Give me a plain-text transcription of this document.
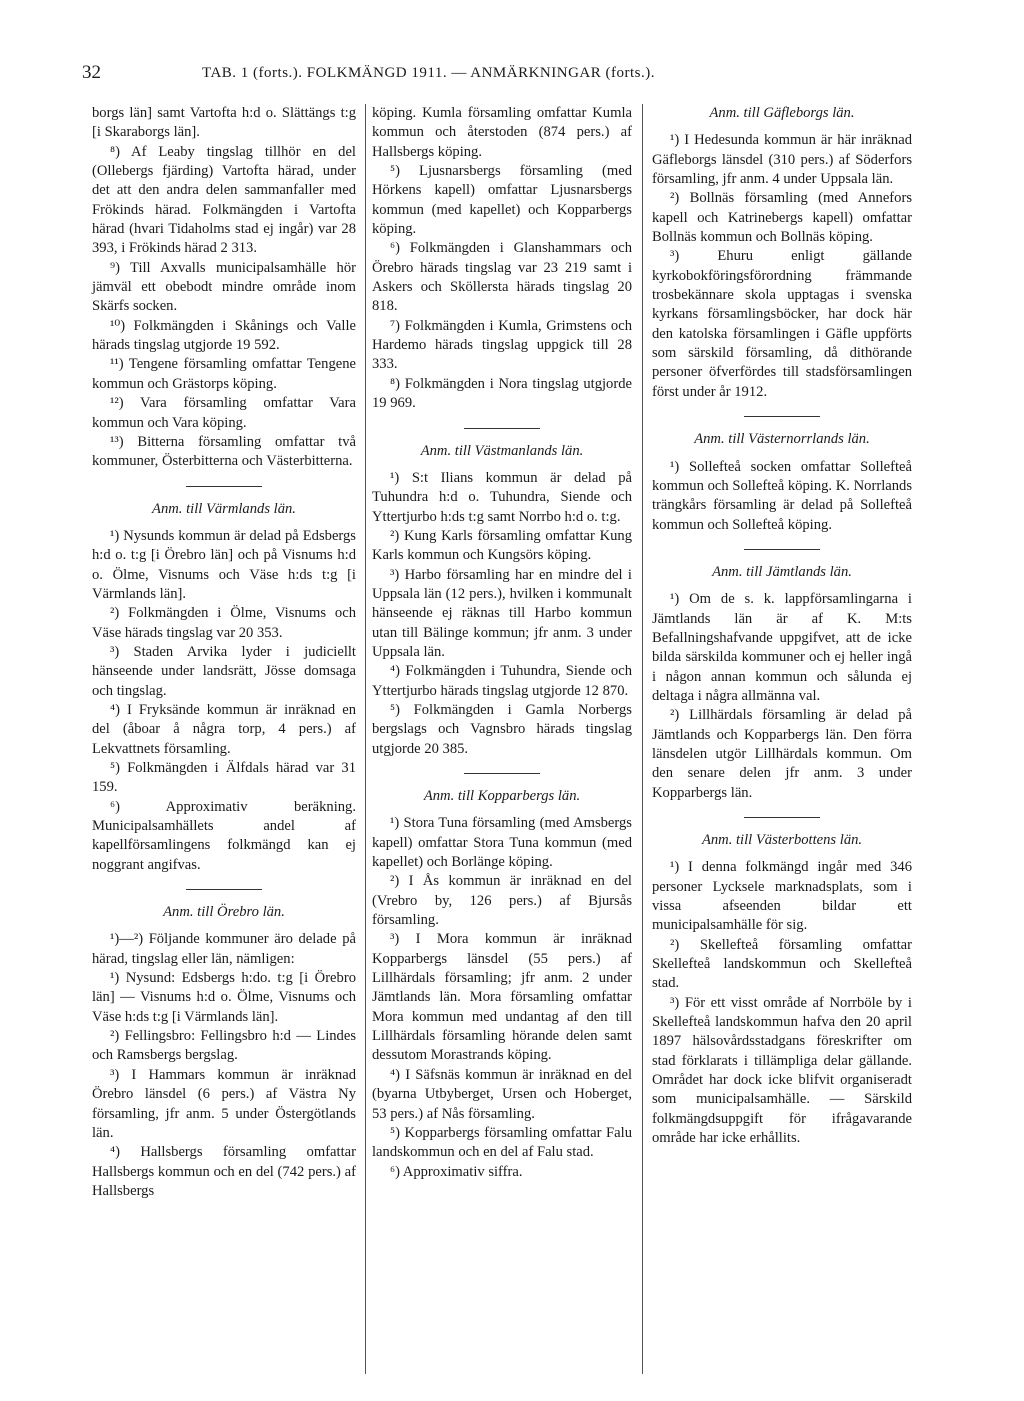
32	TAB. 1 (forts.). FOLKMÄNGD 1911. — ANMÄRKNINGAR (forts.).

borgs län] samt Vartofta h:d o. Slättängs t:g [i Skaraborgs län].

⁸) Af Leaby tingslag tillhör en del (Ollebergs fjärding) Vartofta härad, under det att den andra delen sammanfaller med Frökinds härad. Folkmängden i Vartofta härad (hvari Tidaholms stad ej ingår) var 28 393, i Frökinds härad 2 313.

⁹) Till Axvalls municipalsamhälle hör jämväl ett obebodt mindre område inom Skärfs socken.

¹⁰) Folkmängden i Skånings och Valle härads tingslag utgjorde 19 592.

¹¹) Tengene församling omfattar Tengene kommun och Grästorps köping.

¹²) Vara församling omfattar Vara kommun och Vara köping.

¹³) Bitterna församling omfattar två kommuner, Österbitterna och Västerbitterna.

Anm. till Värmlands län.

¹) Nysunds kommun är delad på Edsbergs h:d o. t:g [i Örebro län] och på Visnums h:d o. Ölme, Visnums och Väse h:ds t:g [i Värmlands län].

²) Folkmängden i Ölme, Visnums och Väse härads tingslag var 20 353.

³) Staden Arvika lyder i judiciellt hänseende under landsrätt, Jösse domsaga och tingslag.

⁴) I Fryksände kommun är inräknad en del (åboar å några torp, 4 pers.) af Lekvattnets församling.

⁵) Folkmängden i Älfdals härad var 31 159.

⁶) Approximativ beräkning. Municipalsamhällets andel af kapellförsamlingens folkmängd kan ej noggrant angifvas.

Anm. till Örebro län.

¹)—²) Följande kommuner äro delade på härad, tingslag eller län, nämligen:

¹) Nysund: Edsbergs h:do. t:g [i Örebro län] — Visnums h:d o. Ölme, Visnums och Väse h:ds t:g [i Värmlands län].

²) Fellingsbro: Fellingsbro h:d — Lindes och Ramsbergs bergslag.

³) I Hammars kommun är inräknad Örebro länsdel (6 pers.) af Västra Ny församling, jfr anm. 5 under Östergötlands län.

⁴) Hallsbergs församling omfattar Hallsbergs kommun och en del (742 pers.) af Hallsbergs

köping. Kumla församling omfattar Kumla kommun och återstoden (874 pers.) af Hallsbergs köping.

⁵) Ljusnarsbergs församling (med Hörkens kapell) omfattar Ljusnarsbergs kommun (med kapellet) och Kopparbergs köping.

⁶) Folkmängden i Glanshammars och Örebro härads tingslag var 23 219 samt i Askers och Sköllersta härads tingslag 20 818.

⁷) Folkmängden i Kumla, Grimstens och Hardemo härads tingslag uppgick till 28 333.

⁸) Folkmängden i Nora tingslag utgjorde 19 969.

Anm. till Västmanlands län.

¹) S:t Ilians kommun är delad på Tuhundra h:d o. Tuhundra, Siende och Yttertjurbo h:ds t:g samt Norrbo h:d o. t:g.

²) Kung Karls församling omfattar Kung Karls kommun och Kungsörs köping.

³) Harbo församling har en mindre del i Uppsala län (12 pers.), hvilken i kommunalt hänseende ej räknas till Harbo kommun utan till Bälinge kommun; jfr anm. 3 under Uppsala län.

⁴) Folkmängden i Tuhundra, Siende och Yttertjurbo härads tingslag utgjorde 12 870.

⁵) Folkmängden i Gamla Norbergs bergslags och Vagnsbro härads tingslag utgjorde 20 385.

Anm. till Kopparbergs län.

¹) Stora Tuna församling (med Amsbergs kapell) omfattar Stora Tuna kommun (med kapellet) och Borlänge köping.

²) I Ås kommun är inräknad en del (Vrebro by, 126 pers.) af Bjursås församling.

³) I Mora kommun är inräknad Kopparbergs länsdel (55 pers.) af Lillhärdals församling; jfr anm. 2 under Jämtlands län. Mora församling omfattar Mora kommun med undantag af den till Lillhärdals församling hörande delen samt dessutom Morastrands köping.

⁴) I Säfsnäs kommun är inräknad en del (byarna Utbyberget, Ursen och Hoberget, 53 pers.) af Nås församling.

⁵) Kopparbergs församling omfattar Falu landskommun och en del af Falu stad.

⁶) Approximativ siffra.

Anm. till Gäfleborgs län.

¹) I Hedesunda kommun är här inräknad Gäfleborgs länsdel (310 pers.) af Söderfors församling, jfr anm. 4 under Uppsala län.

²) Bollnäs församling (med Annefors kapell och Katrinebergs kapell) omfattar Bollnäs kommun och Bollnäs köping.

³) Ehuru enligt gällande kyrkobokföringsförordning främmande trosbekännare skola upptagas i svenska kyrkans församlingsböcker, har dock här den katolska församlingen i Gäfle uppförts som särskild församling, då dithörande personer öfverfördes till stadsförsamlingen först under år 1912.

Anm. till Västernorrlands län.

¹) Sollefteå socken omfattar Sollefteå kommun och Sollefteå köping. K. Norrlands trängkårs församling är delad på Sollefteå kommun och Sollefteå köping.

Anm. till Jämtlands län.

¹) Om de s. k. lappförsamlingarna i Jämtlands län är af K. M:ts Befallningshafvande uppgifvet, att de icke bilda särskilda kommuner och ej heller ingå i någon annan kommun och sålunda ej deltaga i några allmänna val.

²) Lillhärdals församling är delad på Jämtlands och Kopparbergs län. Den förra länsdelen utgör Lillhärdals kommun. Om den senare delen jfr anm. 3 under Kopparbergs län.

Anm. till Västerbottens län.

¹) I denna folkmängd ingår med 346 personer Lycksele marknadsplats, som i vissa afseenden bildar ett municipalsamhälle för sig.

²) Skellefteå församling omfattar Skellefteå landskommun och Skellefteå stad.

³) För ett visst område af Norrböle by i Skellefteå landskommun hafva den 20 april 1897 hälsovårdsstadgans föreskrifter om stad förklarats i tillämpliga delar gällande. Området har dock icke blifvit organiseradt som municipalsamhälle. — Särskild folkmängdsuppgift för ifrågavarande område har icke erhållits.
